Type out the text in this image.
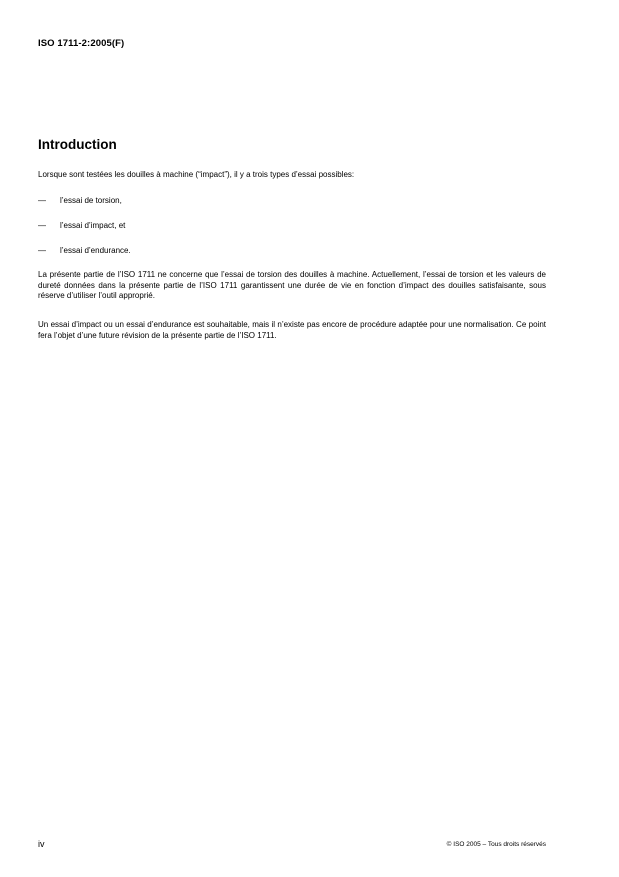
ISO 1711-2:2005(F)
Introduction

Lorsque sont testées les douilles à machine (“impact”), il y a trois types d’essai possibles:

—	l’essai de torsion,
—	l’essai d’impact, et
—	l’essai d’endurance.

La présente partie de l’ISO 1711 ne concerne que l’essai de torsion des douilles à machine. Actuellement, l’essai de torsion et les valeurs de dureté données dans la présente partie de l’ISO 1711 garantissent une durée de vie en fonction d’impact des douilles satisfaisante, sous réserve d’utiliser l’outil approprié.

Un essai d’impact ou un essai d’endurance est souhaitable, mais il n’existe pas encore de procédure adaptée pour une normalisation. Ce point fera l’objet d’une future révision de la présente partie de l’ISO 1711.

iv	© ISO 2005 – Tous droits réservés
